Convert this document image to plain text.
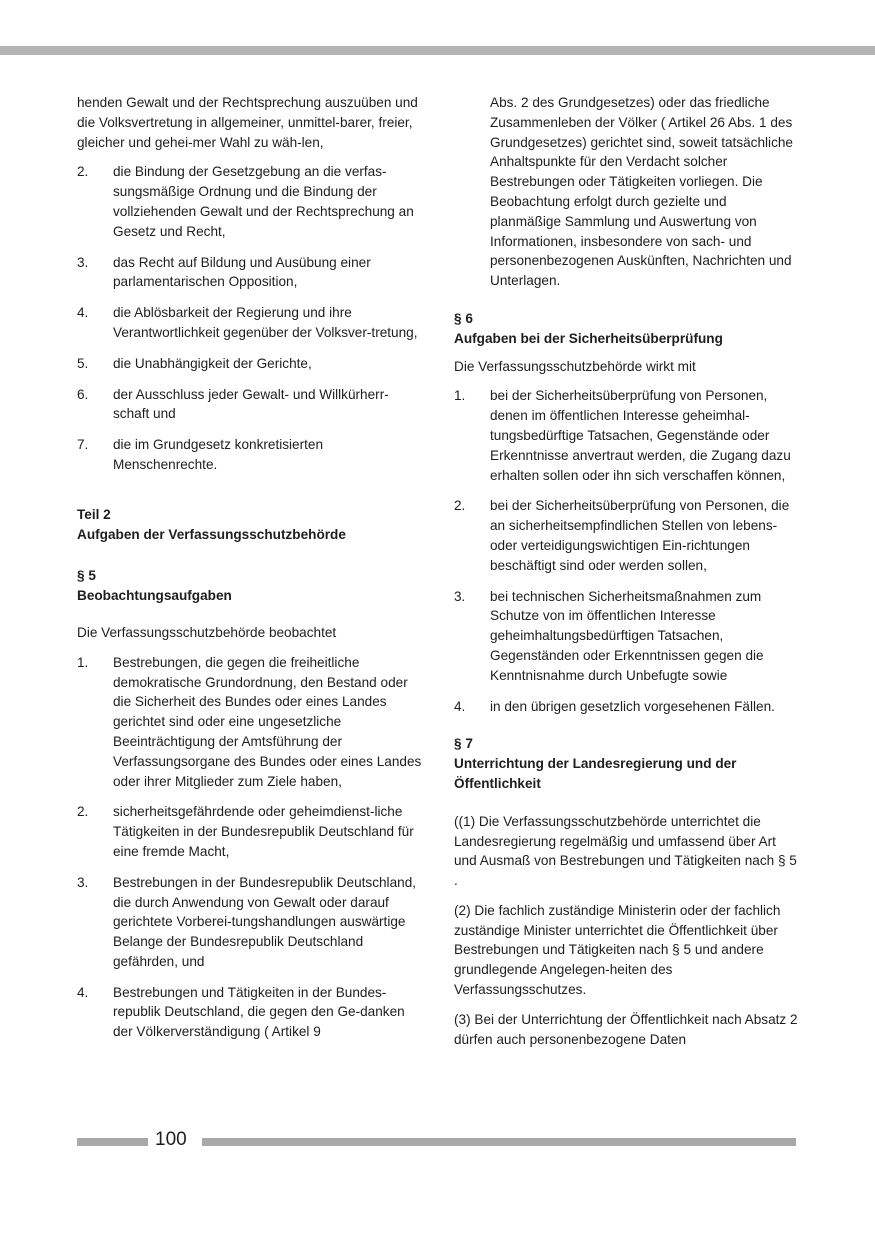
henden Gewalt und der Rechtsprechung auszuüben und die Volksvertretung in allgemeiner, unmittel-barer, freier, gleicher und gehei-mer Wahl zu wäh-len,

2.	die Bindung der Gesetzgebung an die verfas-sungsmäßige Ordnung und die Bindung der vollziehenden Gewalt und der Rechtsprechung an Gesetz und Recht,
3.	das Recht auf Bildung und Ausübung einer parlamentarischen Opposition,
4.	die Ablösbarkeit der Regierung und ihre Verantwortlichkeit gegenüber der Volksver-tretung,
5.	die Unabhängigkeit der Gerichte,
6.	der Ausschluss jeder Gewalt- und Willkürherr-schaft und
7.	die im Grundgesetz konkretisierten Menschenrechte.
Teil 2
Aufgaben der Verfassungsschutzbehörde
§ 5
Beobachtungsaufgaben

Die Verfassungsschutzbehörde beobachtet

1.	Bestrebungen, die gegen die freiheitliche demokratische Grundordnung, den Bestand oder die Sicherheit des Bundes oder eines Landes gerichtet sind oder eine ungesetzliche Beeinträchtigung der Amtsführung der Verfassungsorgane des Bundes oder eines Landes oder ihrer Mitglieder zum Ziele haben,
2.	sicherheitsgefährdende oder geheimdienst-liche Tätigkeiten in der Bundesrepublik Deutschland für eine fremde Macht,
3.	Bestrebungen in der Bundesrepublik Deutschland, die durch Anwendung von Gewalt oder darauf gerichtete Vorberei-tungshandlungen auswärtige Belange der Bundesrepublik Deutschland gefährden, und
4.	Bestrebungen und Tätigkeiten in der Bundes-republik Deutschland, die gegen den Ge-danken der Völkerverständigung ( Artikel 9
Abs. 2 des Grundgesetzes) oder das friedliche Zusammenleben der Völker ( Artikel 26 Abs. 1 des Grundgesetzes) gerichtet sind, soweit tatsächliche Anhaltspunkte für den Verdacht solcher Bestrebungen oder Tätigkeiten vorliegen. Die Beobachtung erfolgt durch gezielte und planmäßige Sammlung und Auswertung von Informationen, insbesondere von sach- und personenbezogenen Auskünften, Nachrichten und Unterlagen.
§ 6
Aufgaben bei der Sicherheitsüberprüfung

Die Verfassungsschutzbehörde wirkt mit

1.	bei der Sicherheitsüberprüfung von Personen, denen im öffentlichen Interesse geheimhal-tungsbedürftige Tatsachen, Gegenstände oder Erkenntnisse anvertraut werden, die Zugang dazu erhalten sollen oder ihn sich verschaffen können,
2.	bei der Sicherheitsüberprüfung von Personen, die an sicherheitsempfindlichen Stellen von lebens- oder verteidigungswichtigen Ein-richtungen beschäftigt sind oder werden sollen,
3.	bei technischen Sicherheitsmaßnahmen zum Schutze von im öffentlichen Interesse geheimhaltungsbedürftigen Tatsachen, Gegenständen oder Erkenntnissen gegen die Kenntnisnahme durch Unbefugte sowie
4.	in den übrigen gesetzlich vorgesehenen Fällen.
§ 7
Unterrichtung der Landesregierung und der Öffentlichkeit

((1) Die Verfassungsschutzbehörde unterrichtet die Landesregierung regelmäßig und umfassend über Art und Ausmaß von Bestrebungen und Tätigkeiten nach § 5 .

(2) Die fachlich zuständige Ministerin oder der fachlich zuständige Minister unterrichtet die Öffentlichkeit über Bestrebungen und Tätigkeiten nach § 5 und andere grundlegende Angelegen-heiten des Verfassungsschutzes.

(3) Bei der Unterrichtung der Öffentlichkeit nach Absatz 2 dürfen auch personenbezogene Daten

100
